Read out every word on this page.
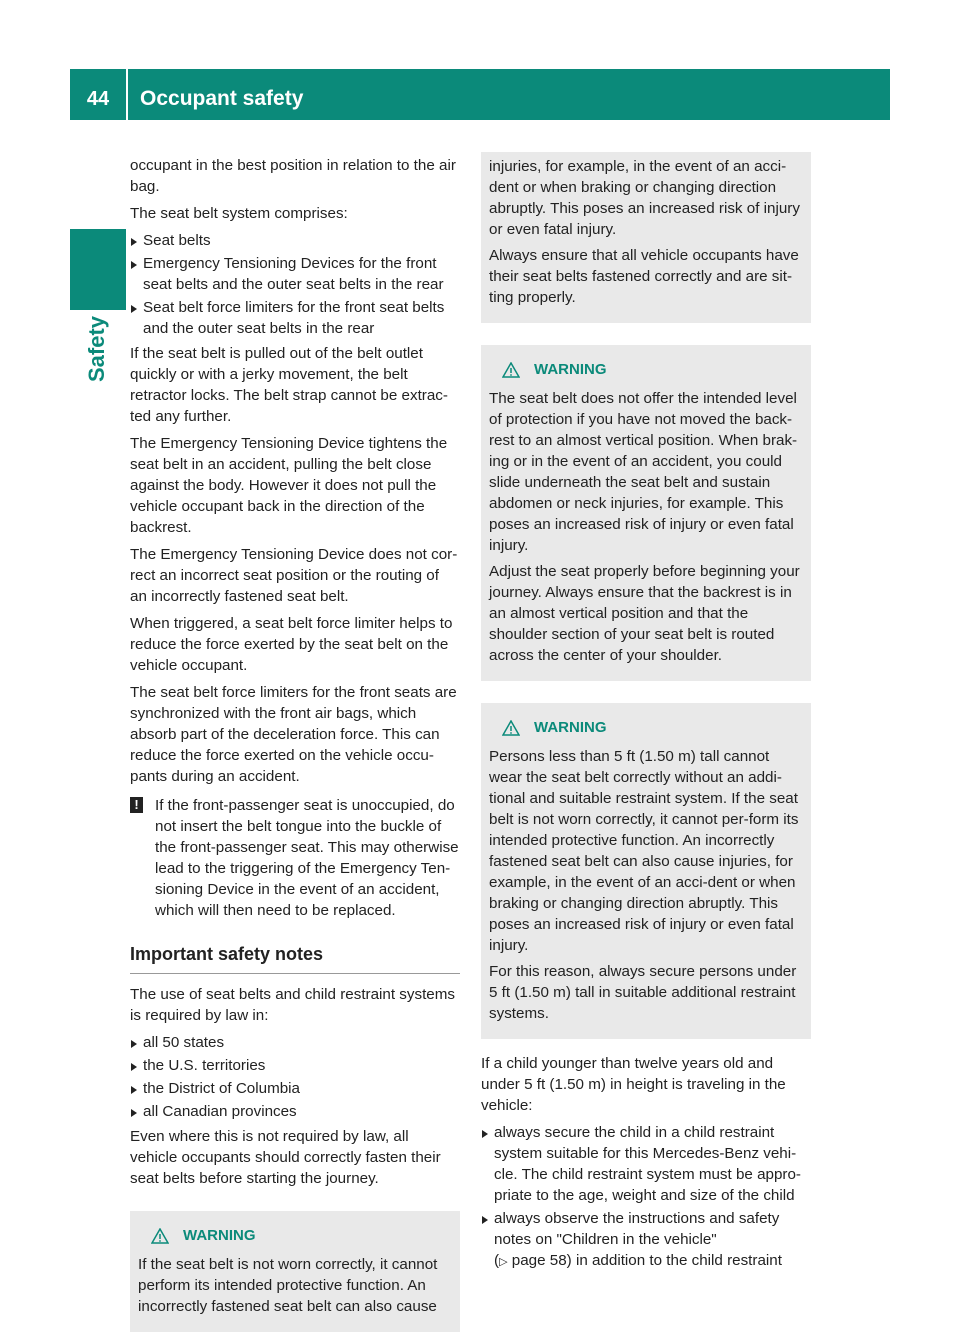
44	Occupant safety
Safety

occupant in the best position in relation to the air bag.

The seat belt system comprises:

Seat belts
Emergency Tensioning Devices for the front seat belts and the outer seat belts in the rear
Seat belt force limiters for the front seat belts and the outer seat belts in the rear

If the seat belt is pulled out of the belt outlet quickly or with a jerky movement, the belt retractor locks. The belt strap cannot be extrac-ted any further.

The Emergency Tensioning Device tightens the seat belt in an accident, pulling the belt close against the body. However it does not pull the vehicle occupant back in the direction of the backrest.

The Emergency Tensioning Device does not cor-rect an incorrect seat position or the routing of an incorrectly fastened seat belt.

When triggered, a seat belt force limiter helps to reduce the force exerted by the seat belt on the vehicle occupant.

The seat belt force limiters for the front seats are synchronized with the front air bags, which absorb part of the deceleration force. This can reduce the force exerted on the vehicle occu-pants during an accident.

! If the front-passenger seat is unoccupied, do not insert the belt tongue into the buckle of the front-passenger seat. This may otherwise lead to the triggering of the Emergency Ten-sioning Device in the event of an accident, which will then need to be replaced.
Important safety notes

The use of seat belts and child restraint systems is required by law in:

all 50 states
the U.S. territories
the District of Columbia
all Canadian provinces

Even where this is not required by law, all vehicle occupants should correctly fasten their seat belts before starting the journey.

WARNING

If the seat belt is not worn correctly, it cannot perform its intended protective function. An incorrectly fastened seat belt can also cause

injuries, for example, in the event of an acci-dent or when braking or changing direction abruptly. This poses an increased risk of injury or even fatal injury.

Always ensure that all vehicle occupants have their seat belts fastened correctly and are sit-ting properly.

WARNING

The seat belt does not offer the intended level of protection if you have not moved the back-rest to an almost vertical position. When brak-ing or in the event of an accident, you could slide underneath the seat belt and sustain abdomen or neck injuries, for example. This poses an increased risk of injury or even fatal injury.

Adjust the seat properly before beginning your journey. Always ensure that the backrest is in an almost vertical position and that the shoulder section of your seat belt is routed across the center of your shoulder.

WARNING

Persons less than 5 ft (1.50 m) tall cannot wear the seat belt correctly without an addi-tional and suitable restraint system. If the seat belt is not worn correctly, it cannot per-form its intended protective function. An incorrectly fastened seat belt can also cause injuries, for example, in the event of an acci-dent or when braking or changing direction abruptly. This poses an increased risk of injury or even fatal injury.

For this reason, always secure persons under 5 ft (1.50 m) tall in suitable additional restraint systems.

If a child younger than twelve years old and under 5 ft (1.50 m) in height is traveling in the vehicle:

always secure the child in a child restraint system suitable for this Mercedes-Benz vehi-cle. The child restraint system must be appro-priate to the age, weight and size of the child
always observe the instructions and safety notes on "Children in the vehicle"
(▷ page 58) in addition to the child restraint
